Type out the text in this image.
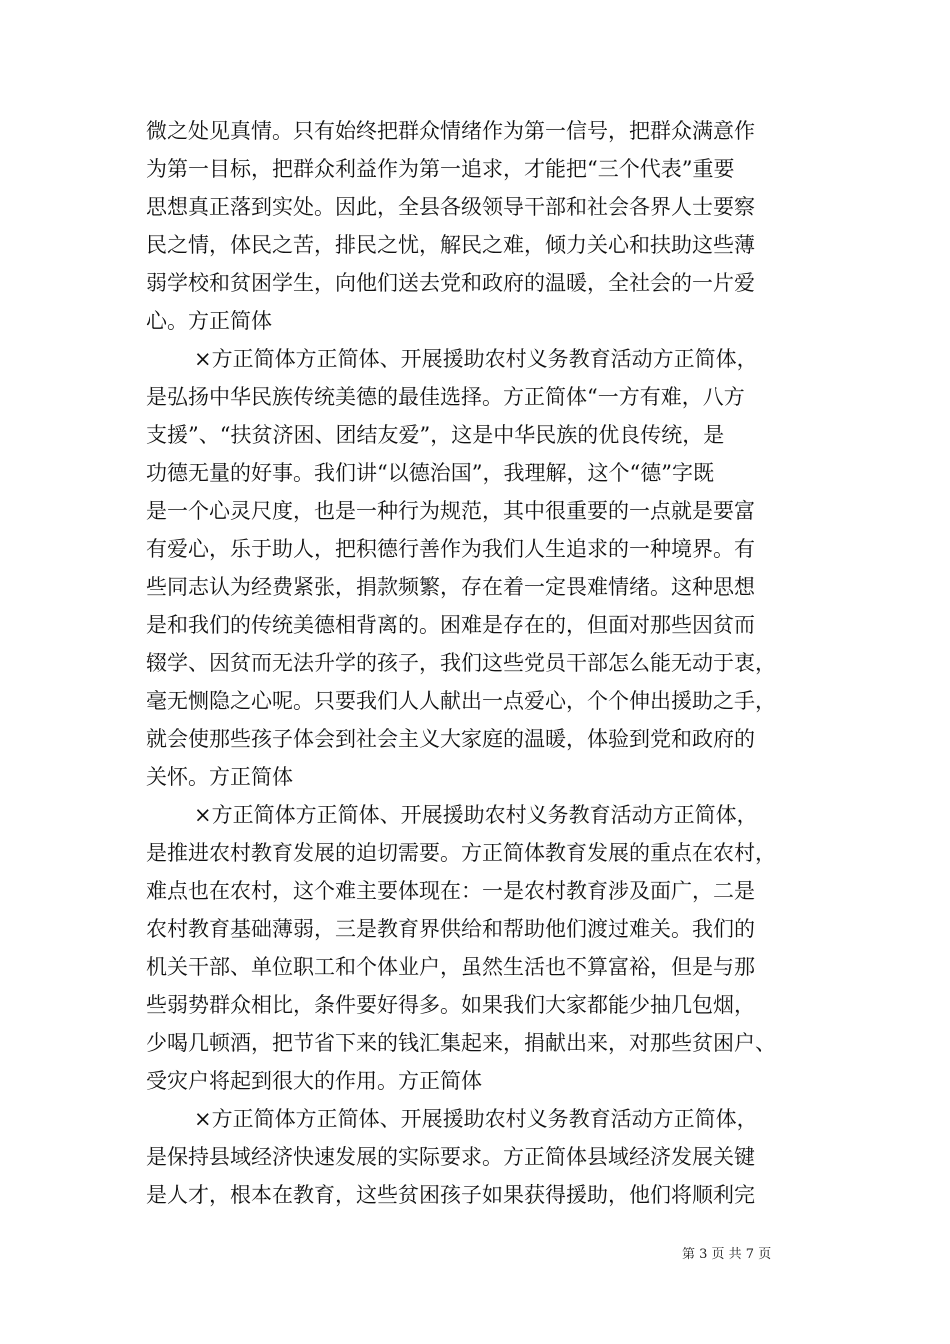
微之处见真情。只有始终把群众情绪作为第一信号，把群众满意作
为第一目标，把群众利益作为第一追求，才能把“三个代表”重要
思想真正落到实处。因此，全县各级领导干部和社会各界人士要察
民之情，体民之苦，排民之忧，解民之难，倾力关心和扶助这些薄
弱学校和贫困学生，向他们送去党和政府的温暖，全社会的一片爱
心。方正简体
×方正简体方正简体、开展援助农村义务教育活动方正简体，
是弘扬中华民族传统美德的最佳选择。方正简体“一方有难，八方
支援”、“扶贫济困、团结友爱”，这是中华民族的优良传统，是
功德无量的好事。我们讲“以德治国”，我理解，这个“德”字既
是一个心灵尺度，也是一种行为规范，其中很重要的一点就是要富
有爱心，乐于助人，把积德行善作为我们人生追求的一种境界。有
些同志认为经费紧张，捐款频繁，存在着一定畏难情绪。这种思想
是和我们的传统美德相背离的。困难是存在的，但面对那些因贫而
辍学、因贫而无法升学的孩子，我们这些党员干部怎么能无动于衷，
毫无恻隐之心呢。只要我们人人献出一点爱心，个个伸出援助之手，
就会使那些孩子体会到社会主义大家庭的温暖，体验到党和政府的
关怀。方正简体
×方正简体方正简体、开展援助农村义务教育活动方正简体，
是推进农村教育发展的迫切需要。方正简体教育发展的重点在农村，
难点也在农村，这个难主要体现在：一是农村教育涉及面广，二是
农村教育基础薄弱，三是教育界供给和帮助他们渡过难关。我们的
机关干部、单位职工和个体业户，虽然生活也不算富裕，但是与那
些弱势群众相比，条件要好得多。如果我们大家都能少抽几包烟，
少喝几顿酒，把节省下来的钱汇集起来，捐献出来，对那些贫困户、
受灾户将起到很大的作用。方正简体
×方正简体方正简体、开展援助农村义务教育活动方正简体，
是保持县域经济快速发展的实际要求。方正简体县域经济发展关键
是人才，根本在教育，这些贫困孩子如果获得援助，他们将顺利完
第 3 页 共 7 页
